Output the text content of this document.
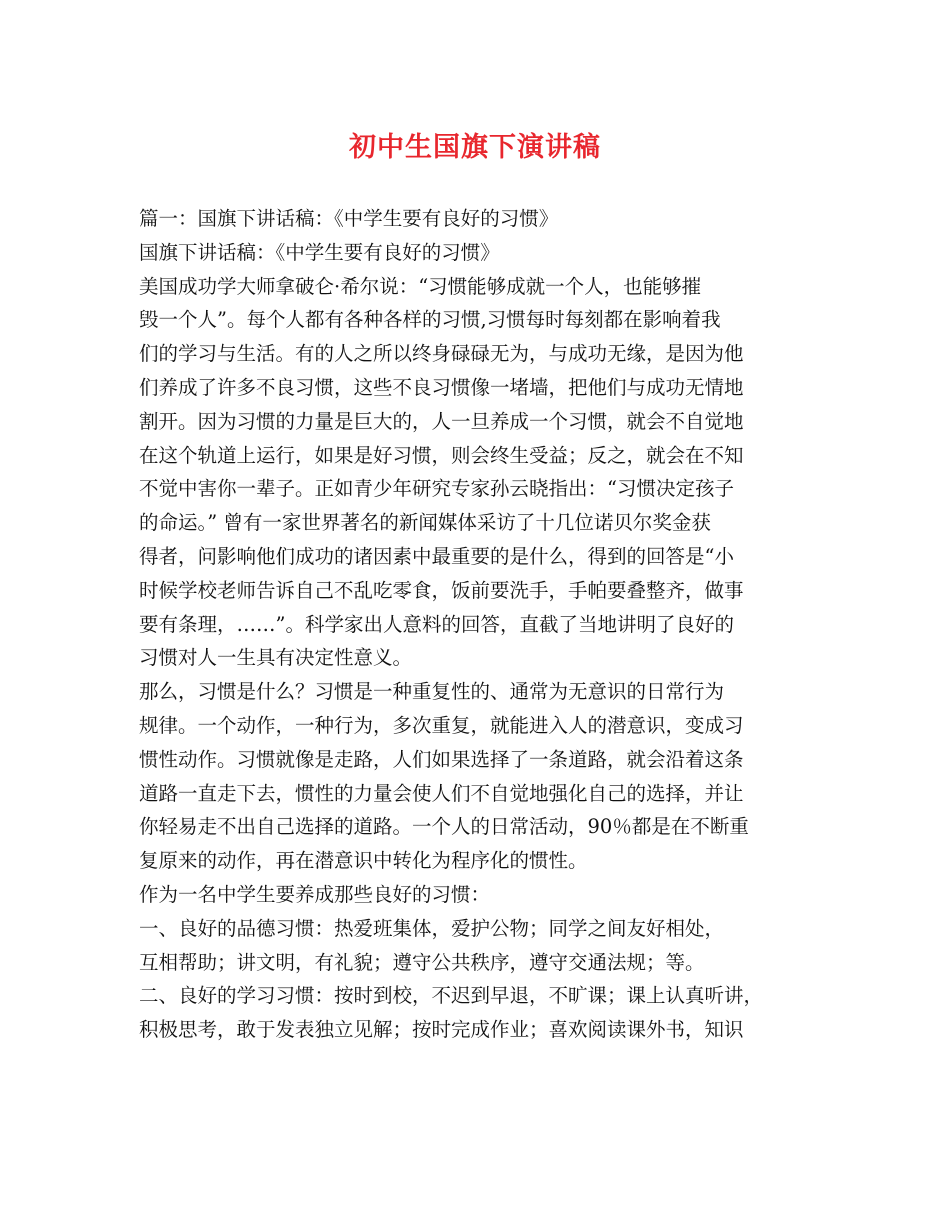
初中生国旗下演讲稿
篇一：国旗下讲话稿：《中学生要有良好的习惯》
国旗下讲话稿：《中学生要有良好的习惯》
美国成功学大师拿破仑·希尔说：“习惯能够成就一个人，也能够摧
毁一个人”。每个人都有各种各样的习惯,习惯每时每刻都在影响着我
们的学习与生活。有的人之所以终身碌碌无为，与成功无缘，是因为他
们养成了许多不良习惯，这些不良习惯像一堵墙，把他们与成功无情地
割开。因为习惯的力量是巨大的，人一旦养成一个习惯，就会不自觉地
在这个轨道上运行，如果是好习惯，则会终生受益；反之，就会在不知
不觉中害你一辈子。正如青少年研究专家孙云晓指出：“习惯决定孩子
的命运。” 曾有一家世界著名的新闻媒体采访了十几位诺贝尔奖金获
得者，问影响他们成功的诸因素中最重要的是什么，得到的回答是“小
时候学校老师告诉自己不乱吃零食，饭前要洗手，手帕要叠整齐，做事
要有条理，……”。科学家出人意料的回答，直截了当地讲明了良好的
习惯对人一生具有决定性意义。
那么，习惯是什么？习惯是一种重复性的、通常为无意识的日常行为
规律。一个动作，一种行为，多次重复，就能进入人的潜意识，变成习
惯性动作。习惯就像是走路，人们如果选择了一条道路，就会沿着这条
道路一直走下去，惯性的力量会使人们不自觉地强化自己的选择，并让
你轻易走不出自己选择的道路。一个人的日常活动，90％都是在不断重
复原来的动作，再在潜意识中转化为程序化的惯性。
作为一名中学生要养成那些良好的习惯：
一、良好的品德习惯：热爱班集体，爱护公物；同学之间友好相处，
互相帮助；讲文明，有礼貌；遵守公共秩序，遵守交通法规；等。
二、良好的学习习惯：按时到校，不迟到早退，不旷课；课上认真听讲，
积极思考，敢于发表独立见解；按时完成作业；喜欢阅读课外书，知识
